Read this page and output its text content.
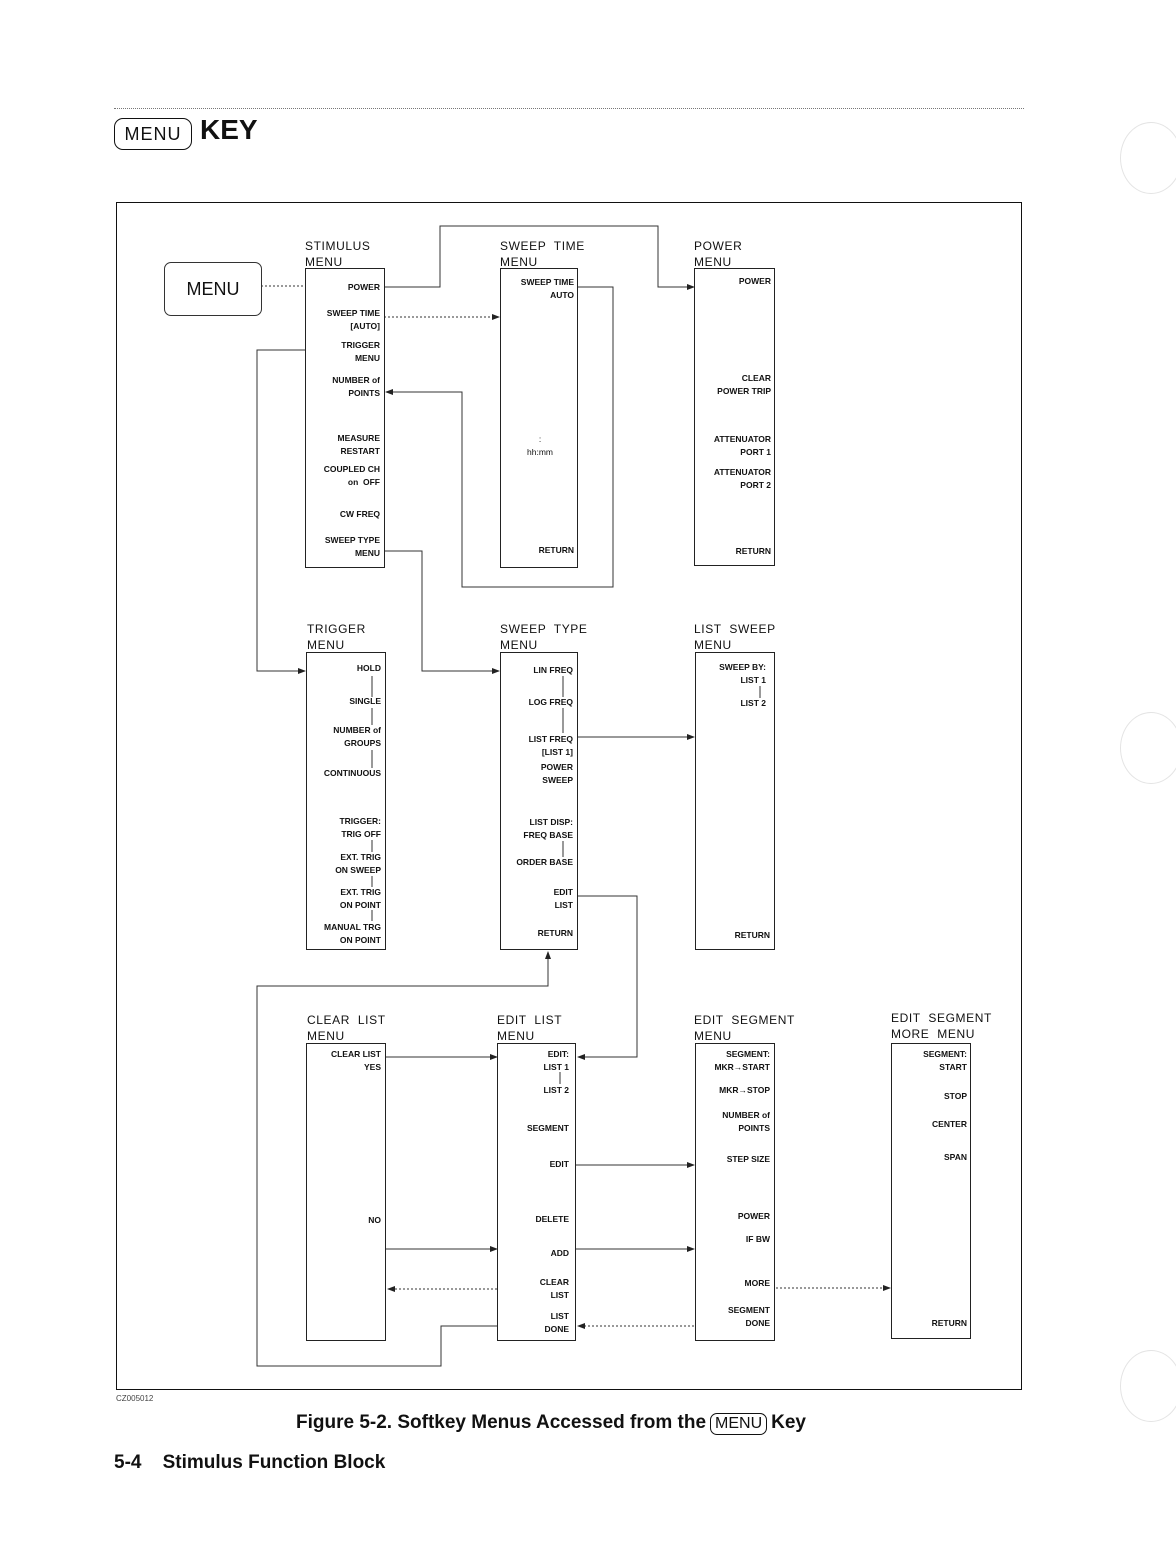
MENU KEY
CZ005012
MENU
STIMULUS
MENU
POWER
SWEEP TIME
[AUTO]
TRIGGER
MENU
NUMBER of
POINTS
MEASURE
RESTART
COUPLED CH
on  OFF
CW FREQ
SWEEP TYPE
MENU
SWEEP  TIME
MENU
SWEEP TIME
AUTO
:
hh:mm
RETURN
POWER
MENU
POWER
CLEAR
POWER TRIP
ATTENUATOR
PORT 1
ATTENUATOR
PORT 2
RETURN
TRIGGER
MENU
HOLD
SINGLE
NUMBER of
GROUPS
CONTINUOUS
TRIGGER:
TRIG OFF
EXT. TRIG
ON SWEEP
EXT. TRIG
ON POINT
MANUAL TRG
ON POINT
SWEEP  TYPE
MENU
LIN FREQ
LOG FREQ
LIST FREQ
[LIST 1]
POWER
SWEEP
LIST DISP:
FREQ BASE
ORDER BASE
EDIT
LIST
RETURN
LIST  SWEEP
MENU
SWEEP BY:
LIST 1
LIST 2
RETURN
CLEAR  LIST
MENU
CLEAR LIST
YES
NO
EDIT  LIST
MENU
EDIT:
LIST 1
LIST 2
SEGMENT
EDIT
DELETE
ADD
CLEAR
LIST
LIST
DONE
EDIT  SEGMENT
MENU
SEGMENT:
MKR→START
MKR→STOP
NUMBER of
POINTS
STEP SIZE
POWER
IF BW
MORE
SEGMENT
DONE
EDIT  SEGMENT
MORE  MENU
SEGMENT:
START
STOP
CENTER
SPAN
RETURN
Figure 5-2. Softkey Menus Accessed from the MENU Key
5-4    Stimulus Function Block
